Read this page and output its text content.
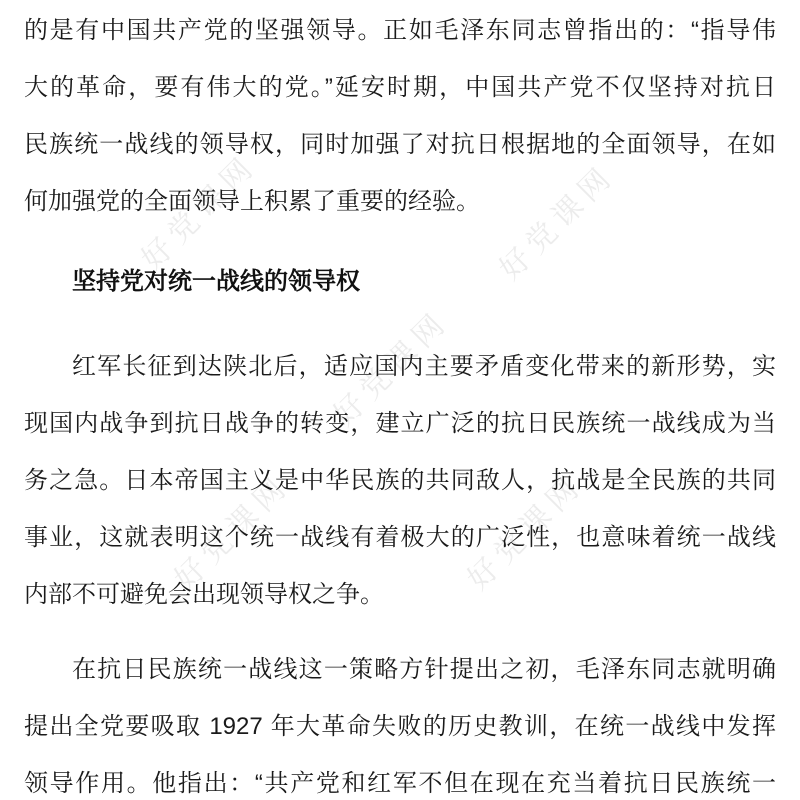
好党课网	好党课网
好党课网
好党课网	好党课网
的是有中国共产党的坚强领导。正如毛泽东同志曾指出的：“指导伟
大的革命，要有伟大的党。”延安时期，中国共产党不仅坚持对抗日
民族统一战线的领导权，同时加强了对抗日根据地的全面领导，在如
何加强党的全面领导上积累了重要的经验。
坚持党对统一战线的领导权
红军长征到达陕北后，适应国内主要矛盾变化带来的新形势，实
现国内战争到抗日战争的转变，建立广泛的抗日民族统一战线成为当
务之急。日本帝国主义是中华民族的共同敌人，抗战是全民族的共同
事业，这就表明这个统一战线有着极大的广泛性，也意味着统一战线
内部不可避免会出现领导权之争。
在抗日民族统一战线这一策略方针提出之初，毛泽东同志就明确
提出全党要吸取 1927 年大革命失败的历史教训，在统一战线中发挥
领导作用。他指出：“共产党和红军不但在现在充当着抗日民族统一
